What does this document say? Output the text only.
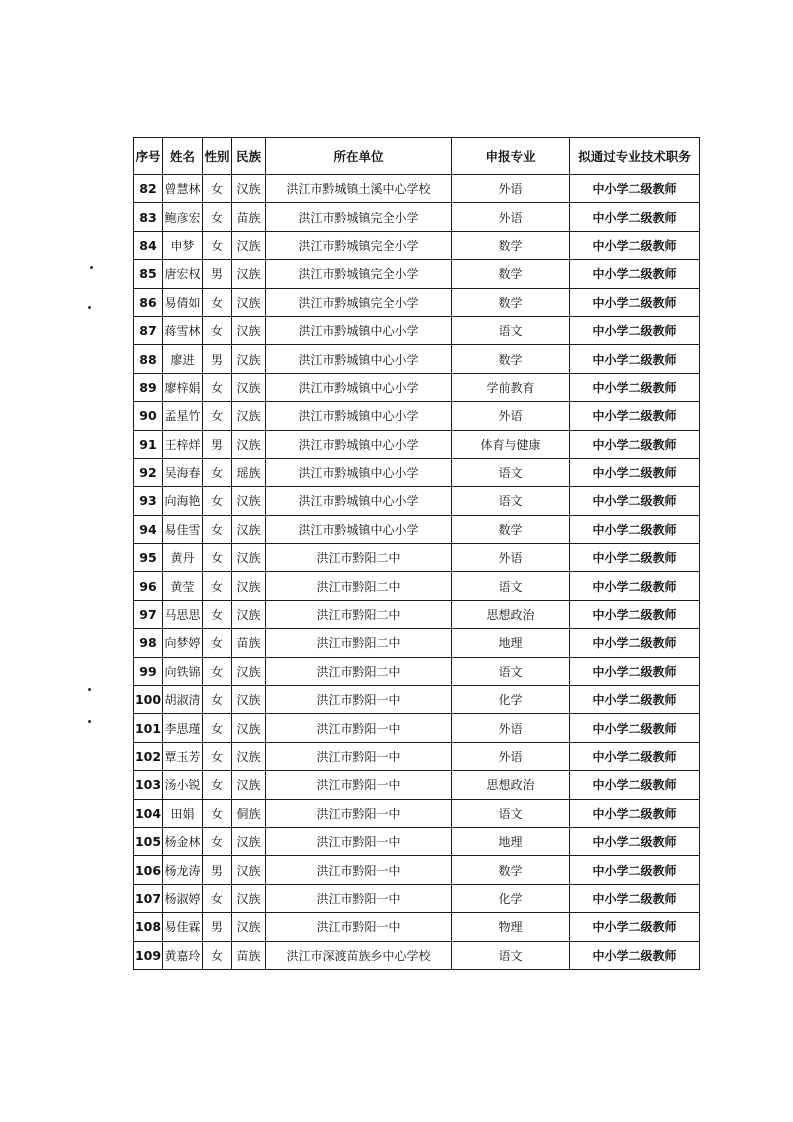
序号	姓名	性别	民族	所在单位	申报专业	拟通过专业技术职务
82	曾慧林	女	汉族	洪江市黔城镇土溪中心学校	外语	中小学二级教师
83	鲍彦宏	女	苗族	洪江市黔城镇完全小学	外语	中小学二级教师
84	申梦	女	汉族	洪江市黔城镇完全小学	数学	中小学二级教师
85	唐宏权	男	汉族	洪江市黔城镇完全小学	数学	中小学二级教师
86	易倩如	女	汉族	洪江市黔城镇完全小学	数学	中小学二级教师
87	蒋雪林	女	汉族	洪江市黔城镇中心小学	语文	中小学二级教师
88	廖进	男	汉族	洪江市黔城镇中心小学	数学	中小学二级教师
89	廖梓娟	女	汉族	洪江市黔城镇中心小学	学前教育	中小学二级教师
90	孟星竹	女	汉族	洪江市黔城镇中心小学	外语	中小学二级教师
91	王梓烊	男	汉族	洪江市黔城镇中心小学	体育与健康	中小学二级教师
92	吴海春	女	瑶族	洪江市黔城镇中心小学	语文	中小学二级教师
93	向海艳	女	汉族	洪江市黔城镇中心小学	语文	中小学二级教师
94	易佳雪	女	汉族	洪江市黔城镇中心小学	数学	中小学二级教师
95	黄丹	女	汉族	洪江市黔阳二中	外语	中小学二级教师
96	黄莹	女	汉族	洪江市黔阳二中	语文	中小学二级教师
97	马思思	女	汉族	洪江市黔阳二中	思想政治	中小学二级教师
98	向梦婷	女	苗族	洪江市黔阳二中	地理	中小学二级教师
99	向铁锦	女	汉族	洪江市黔阳二中	语文	中小学二级教师
100	胡淑清	女	汉族	洪江市黔阳一中	化学	中小学二级教师
101	李思瑾	女	汉族	洪江市黔阳一中	外语	中小学二级教师
102	覃玉芳	女	汉族	洪江市黔阳一中	外语	中小学二级教师
103	汤小锐	女	汉族	洪江市黔阳一中	思想政治	中小学二级教师
104	田娟	女	侗族	洪江市黔阳一中	语文	中小学二级教师
105	杨金林	女	汉族	洪江市黔阳一中	地理	中小学二级教师
106	杨龙涛	男	汉族	洪江市黔阳一中	数学	中小学二级教师
107	杨淑婷	女	汉族	洪江市黔阳一中	化学	中小学二级教师
108	易佳霖	男	汉族	洪江市黔阳一中	物理	中小学二级教师
109	黄嘉玲	女	苗族	洪江市深渡苗族乡中心学校	语文	中小学二级教师
